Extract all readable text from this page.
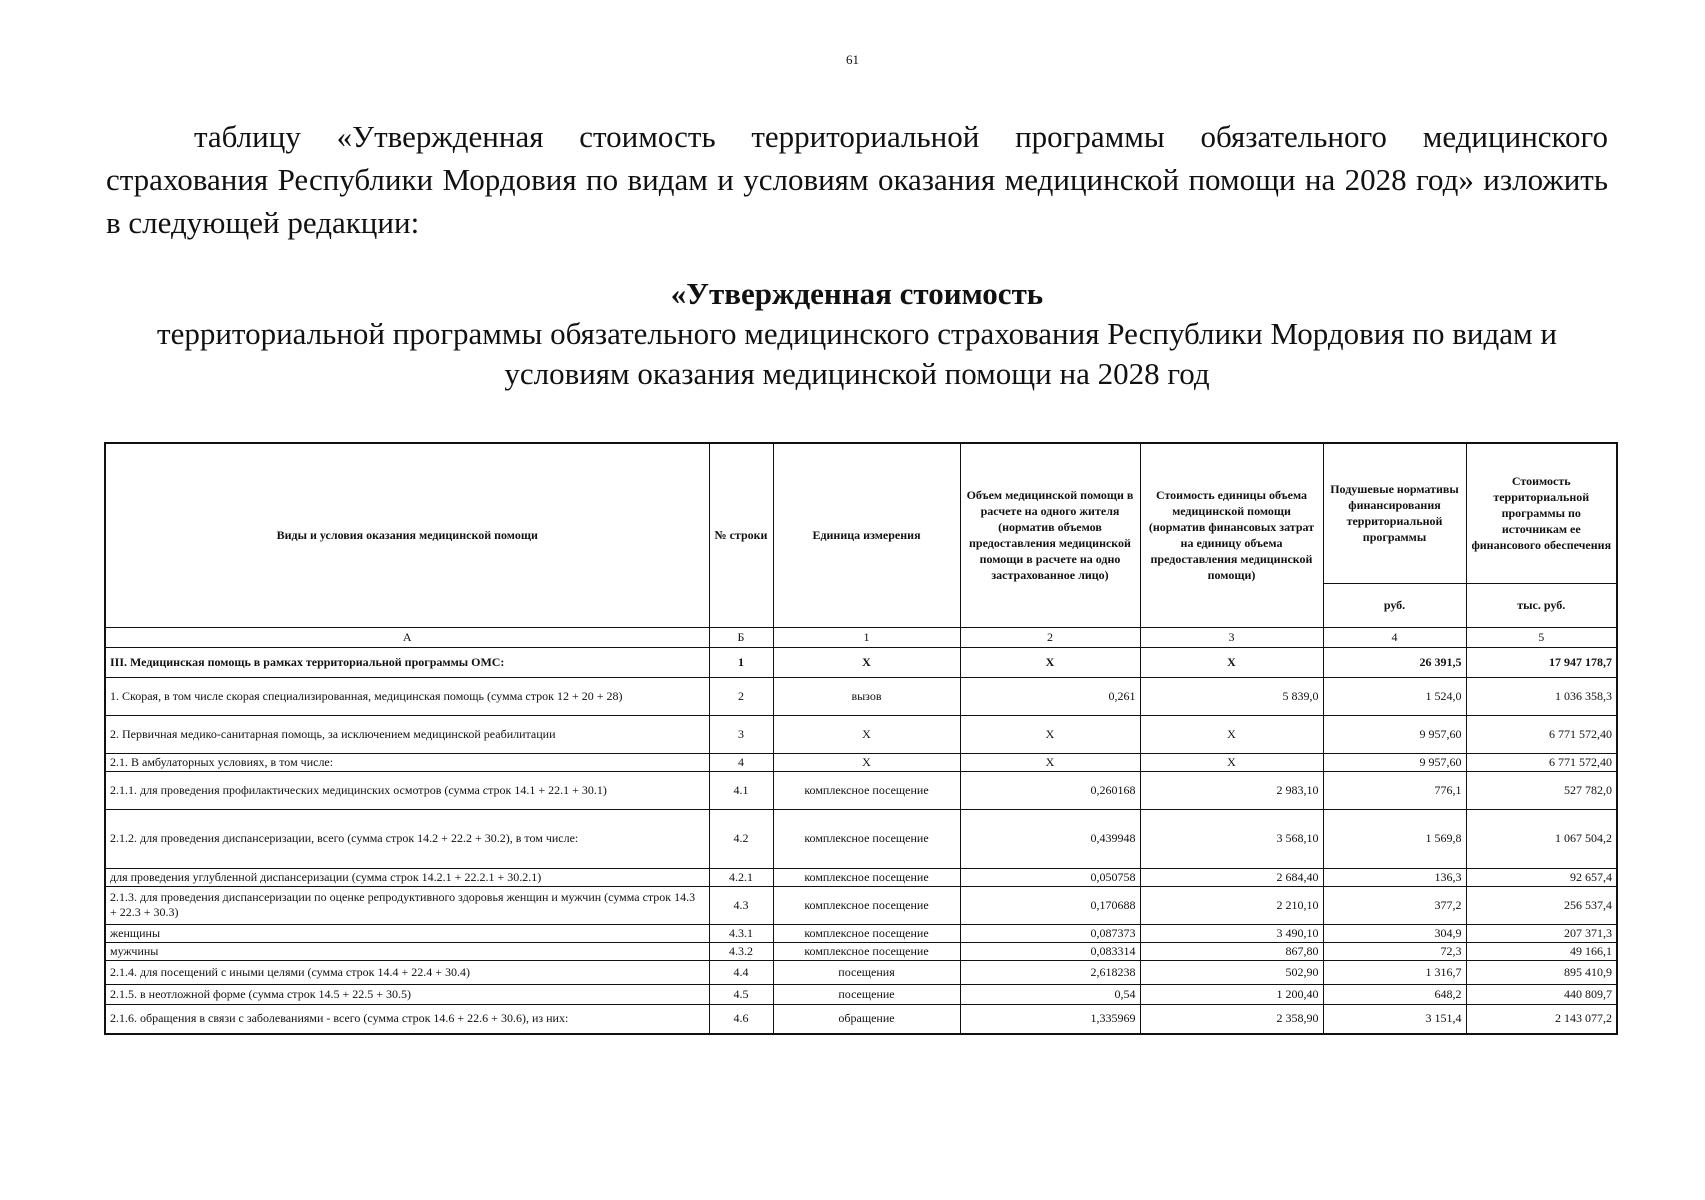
61
таблицу «Утвержденная стоимость территориальной программы обязательного медицинского страхования Республики Мордовия по видам и условиям оказания медицинской помощи на 2028 год» изложить в следующей редакции:
«Утвержденная стоимость
территориальной программы обязательного медицинского страхования Республики Мордовия по видам и условиям оказания медицинской помощи на 2028 год
Виды и условия оказания медицинской помощи	№ строки	Единица измерения	Объем медицинской помощи в расчете на одного жителя (норматив объемов предоставления медицинской помощи в расчете на одно застрахованное лицо)	Стоимость единицы объема медицинской помощи (норматив финансовых затрат на единицу объема предоставления медицинской помощи)	Подушевые нормативы финансирования территориальной программы	Стоимость территориальной программы по источникам ее финансового обеспечения
					руб.	тыс. руб.
А	Б	1	2	3	4	5
III. Медицинская помощь в рамках территориальной программы ОМС:	1	Х	Х	Х	26 391,5	17 947 178,7
1. Скорая, в том числе скорая специализированная, медицинская помощь (сумма строк 12 + 20 + 28)	2	вызов	0,261	5 839,0	1 524,0	1 036 358,3
2. Первичная медико-санитарная помощь, за исключением медицинской реабилитации	3	Х	Х	Х	9 957,60	6 771 572,40
2.1. В амбулаторных условиях, в том числе:	4	Х	Х	Х	9 957,60	6 771 572,40
2.1.1. для проведения профилактических медицинских осмотров (сумма строк 14.1 + 22.1 + 30.1)	4.1	комплексное посещение	0,260168	2 983,10	776,1	527 782,0
2.1.2. для проведения диспансеризации, всего (сумма строк 14.2 + 22.2 + 30.2), в том числе:	4.2	комплексное посещение	0,439948	3 568,10	1 569,8	1 067 504,2
для проведения углубленной диспансеризации (сумма строк 14.2.1 + 22.2.1 + 30.2.1)	4.2.1	комплексное посещение	0,050758	2 684,40	136,3	92 657,4
2.1.3. для проведения диспансеризации по оценке репродуктивного здоровья женщин и мужчин (сумма строк 14.3 + 22.3 + 30.3)	4.3	комплексное посещение	0,170688	2 210,10	377,2	256 537,4
женщины	4.3.1	комплексное посещение	0,087373	3 490,10	304,9	207 371,3
мужчины	4.3.2	комплексное посещение	0,083314	867,80	72,3	49 166,1
2.1.4. для посещений с иными целями (сумма строк 14.4 + 22.4 + 30.4)	4.4	посещения	2,618238	502,90	1 316,7	895 410,9
2.1.5. в неотложной форме (сумма строк 14.5 + 22.5 + 30.5)	4.5	посещение	0,54	1 200,40	648,2	440 809,7
2.1.6. обращения в связи с заболеваниями - всего (сумма строк 14.6 + 22.6 + 30.6), из них:	4.6	обращение	1,335969	2 358,90	3 151,4	2 143 077,2
